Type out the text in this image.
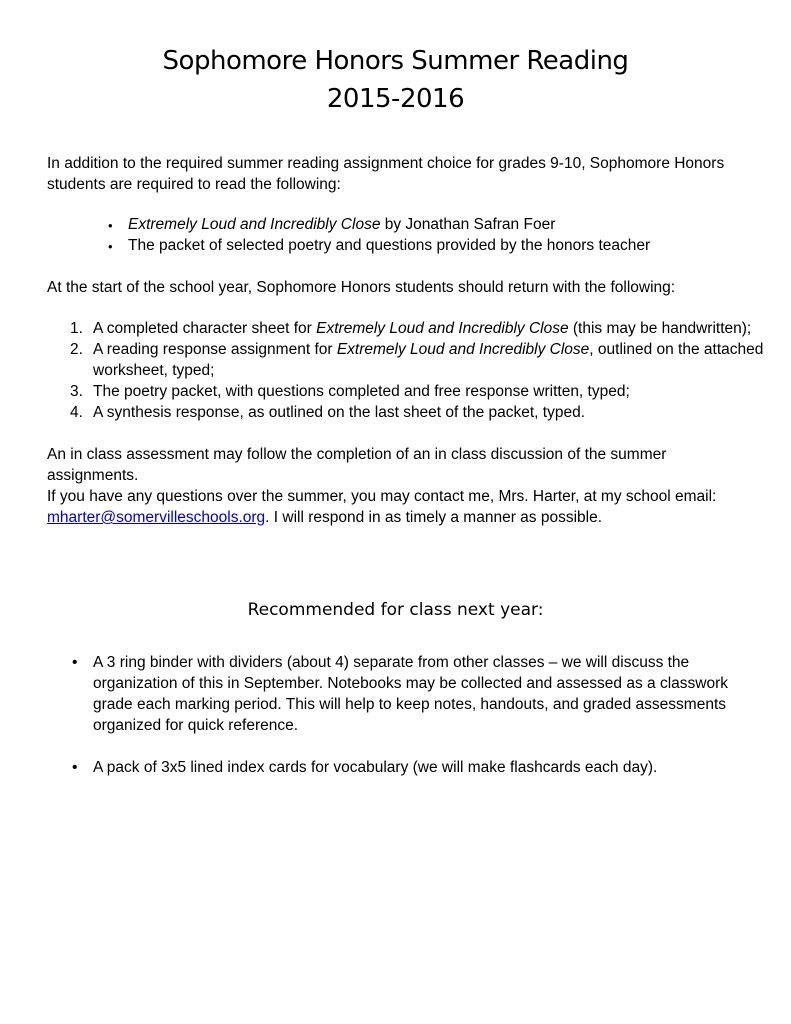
Sophomore Honors Summer Reading
2015-2016
In addition to the required summer reading assignment choice for grades 9-10, Sophomore Honors students are required to read the following:
• Extremely Loud and Incredibly Close by Jonathan Safran Foer
• The packet of selected poetry and questions provided by the honors teacher
At the start of the school year, Sophomore Honors students should return with the following:
1. A completed character sheet for Extremely Loud and Incredibly Close (this may be handwritten);
2. A reading response assignment for Extremely Loud and Incredibly Close, outlined on the attached
worksheet, typed;
3. The poetry packet, with questions completed and free response written, typed;
4. A synthesis response, as outlined on the last sheet of the packet, typed.
An in class assessment may follow the completion of an in class discussion of the summer assignments.
If you have any questions over the summer, you may contact me, Mrs. Harter, at my school email:
mharter@somervilleschools.org. I will respond in as timely a manner as possible.
Recommended for class next year:
• A 3 ring binder with dividers (about 4) separate from other classes – we will discuss the
organization of this in September. Notebooks may be collected and assessed as a classwork
grade each marking period. This will help to keep notes, handouts, and graded assessments
organized for quick reference.
• A pack of 3x5 lined index cards for vocabulary (we will make flashcards each day).
